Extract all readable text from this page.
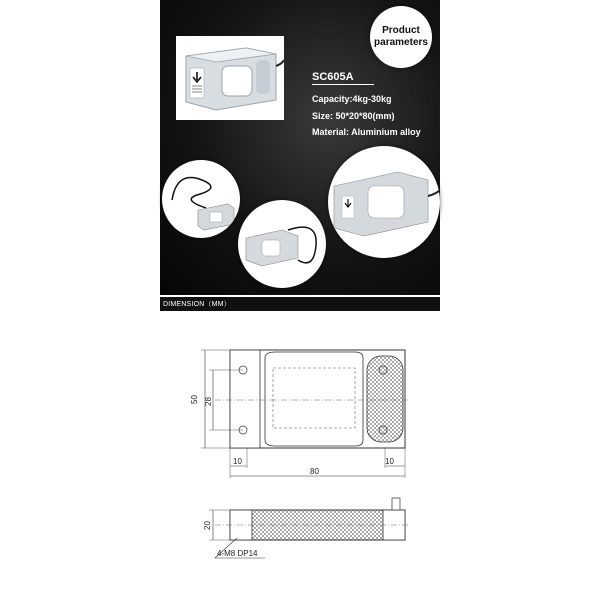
Product
parameters
SC605A
Capacity:4kg-30kg
Size: 50*20*80(mm)
Material: Aluminium alloy
DIMENSION（MM）
50 28
10	10
80
20
4-M8 DP14
